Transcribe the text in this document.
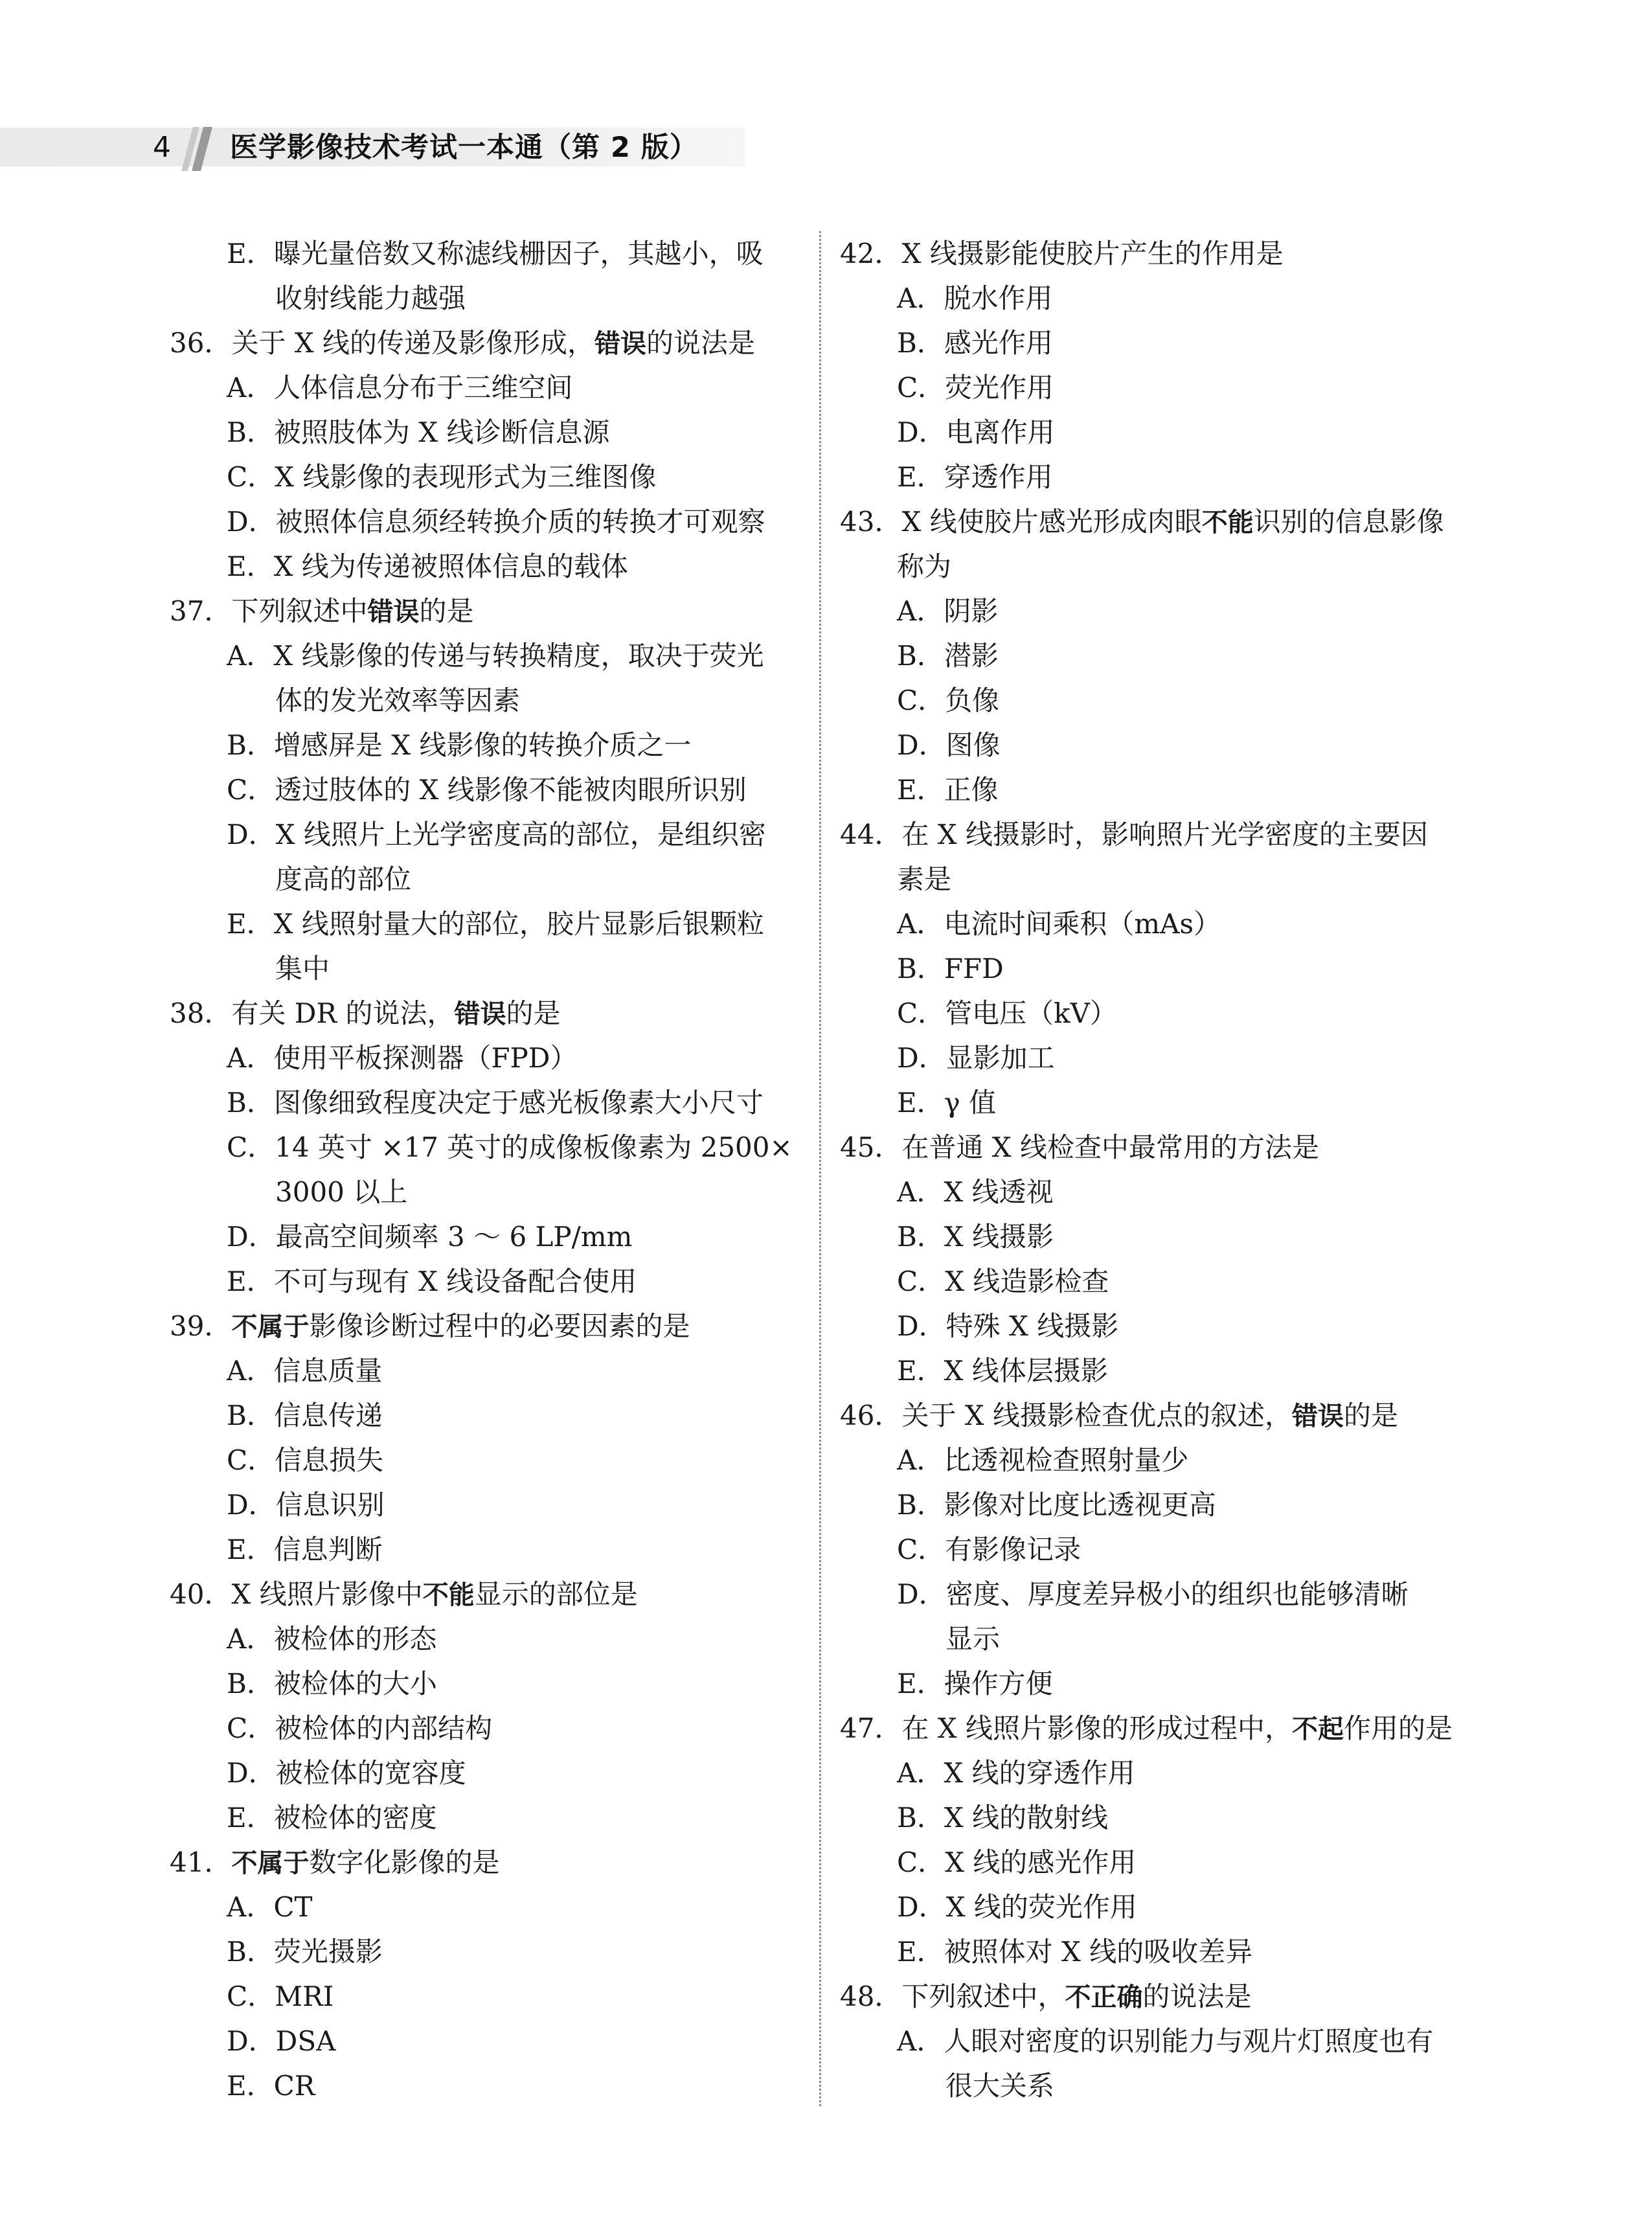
4 医学影像技术考试一本通（第 2 版）
E．曝光量倍数又称滤线栅因子，其越小，吸
收射线能力越强
36．关于 X 线的传递及影像形成，错误的说法是
A．人体信息分布于三维空间
B．被照肢体为 X 线诊断信息源
C．X 线影像的表现形式为三维图像
D．被照体信息须经转换介质的转换才可观察
E．X 线为传递被照体信息的载体
37．下列叙述中错误的是
A．X 线影像的传递与转换精度，取决于荧光
体的发光效率等因素
B．增感屏是 X 线影像的转换介质之一
C．透过肢体的 X 线影像不能被肉眼所识别
D．X 线照片上光学密度高的部位，是组织密
度高的部位
E．X 线照射量大的部位，胶片显影后银颗粒
集中
38．有关 DR 的说法，错误的是
A．使用平板探测器（FPD）
B．图像细致程度决定于感光板像素大小尺寸
C．14 英寸 ×17 英寸的成像板像素为 2500×
3000 以上
D．最高空间频率 3 ～ 6 LP/mm
E．不可与现有 X 线设备配合使用
39．不属于影像诊断过程中的必要因素的是
A．信息质量
B．信息传递
C．信息损失
D．信息识别
E．信息判断
40．X 线照片影像中不能显示的部位是
A．被检体的形态
B．被检体的大小
C．被检体的内部结构
D．被检体的宽容度
E．被检体的密度
41．不属于数字化影像的是
A．CT
B．荧光摄影
C．MRI
D．DSA
E．CR
42．X 线摄影能使胶片产生的作用是
A．脱水作用
B．感光作用
C．荧光作用
D．电离作用
E．穿透作用
43．X 线使胶片感光形成肉眼不能识别的信息影像
称为
A．阴影
B．潜影
C．负像
D．图像
E．正像
44．在 X 线摄影时，影响照片光学密度的主要因
素是
A．电流时间乘积（mAs）
B．FFD
C．管电压（kV）
D．显影加工
E．γ 值
45．在普通 X 线检查中最常用的方法是
A．X 线透视
B．X 线摄影
C．X 线造影检查
D．特殊 X 线摄影
E．X 线体层摄影
46．关于 X 线摄影检查优点的叙述，错误的是
A．比透视检查照射量少
B．影像对比度比透视更高
C．有影像记录
D．密度、厚度差异极小的组织也能够清晰
显示
E．操作方便
47．在 X 线照片影像的形成过程中，不起作用的是
A．X 线的穿透作用
B．X 线的散射线
C．X 线的感光作用
D．X 线的荧光作用
E．被照体对 X 线的吸收差异
48．下列叙述中，不正确的说法是
A．人眼对密度的识别能力与观片灯照度也有
很大关系
